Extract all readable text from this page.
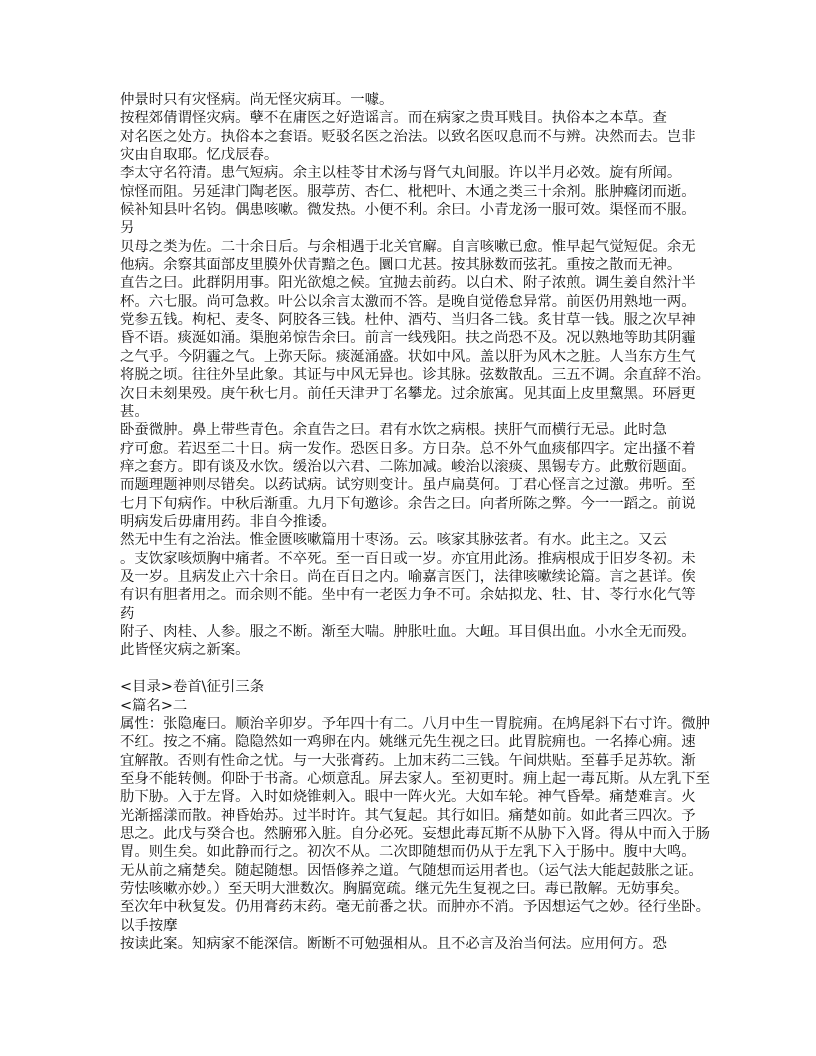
仲景时只有灾怪病。尚无怪灾病耳。一噱。
按程郊倩谓怪灾病。孽不在庸医之好造谣言。而在病家之贵耳贱目。执俗本之本草。查
对名医之处方。执俗本之套语。贬驳名医之治法。以致名医叹息而不与辨。决然而去。岂非
灾由自取耶。忆戊辰春。
李太守名符清。患气短病。余主以桂苓甘术汤与肾气丸间服。许以半月必效。旋有所闻。
惊怪而阻。另延津门陶老医。服葶苈、杏仁、枇杷叶、木通之类三十余剂。胀肿癃闭而逝。
候补知县叶名钧。偶患咳嗽。微发热。小便不利。余曰。小青龙汤一服可效。渠怪而不服。
另
贝母之类为佐。二十余日后。与余相遇于北关官廨。自言咳嗽已愈。惟早起气觉短促。余无
他病。余察其面部皮里膜外伏青黯之色。圜口尤甚。按其脉数而弦芤。重按之散而无神。
直告之曰。此群阴用事。阳光欲熄之候。宜抛去前药。以白术、附子浓煎。调生姜自然汁半
杯。六七服。尚可急救。叶公以余言太激而不答。是晚自觉倦怠异常。前医仍用熟地一两。
党参五钱。枸杞、麦冬、阿胶各三钱。杜仲、酒芍、当归各二钱。炙甘草一钱。服之次早神
昏不语。痰涎如涌。渠胞弟惊告余曰。前言一线残阳。扶之尚恐不及。况以熟地等助其阴霾
之气乎。今阴霾之气。上弥天际。痰涎涌盛。状如中风。盖以肝为风木之脏。人当东方生气
将脱之顷。往往外呈此象。其证与中风无异也。诊其脉。弦数散乱。三五不调。余直辞不治。
次日未刻果殁。庚午秋七月。前任天津尹丁名攀龙。过余旅寓。见其面上皮里黧黑。环唇更
甚。
卧蚕微肿。鼻上带些青色。余直告之曰。君有水饮之病根。挟肝气而横行无忌。此时急
疗可愈。若迟至二十日。病一发作。恐医日多。方日杂。总不外气血痰郁四字。定出搔不着
痒之套方。即有谈及水饮。缓治以六君、二陈加减。峻治以滚痰、黑锡专方。此敷衍题面。
而题理题神则尽错矣。以药试病。试穷则变计。虽卢扁莫何。丁君心怪言之过激。弗听。至
七月下旬病作。中秋后渐重。九月下旬邀诊。余告之曰。向者所陈之弊。今一一蹈之。前说
明病发后毋庸用药。非自今推诿。
然无中生有之治法。惟金匮咳嗽篇用十枣汤。云。咳家其脉弦者。有水。此主之。又云
。支饮家咳烦胸中痛者。不卒死。至一百日或一岁。亦宜用此汤。推病根成于旧岁冬初。未
及一岁。且病发止六十余日。尚在百日之内。喻嘉言医门，法律咳嗽续论篇。言之甚详。俟
有识有胆者用之。而余则不能。坐中有一老医力争不可。余姑拟龙、牡、甘、苓行水化气等
药
附子、肉桂、人参。服之不断。渐至大喘。肿胀吐血。大衄。耳目俱出血。小水全无而殁。
此皆怪灾病之新案。
<目录>卷首\征引三条
<篇名>二
属性：张隐庵曰。顺治辛卯岁。予年四十有二。八月中生一胃脘痈。在鸠尾斜下右寸许。微肿
不红。按之不痛。隐隐然如一鸡卵在内。姚继元先生视之曰。此胃脘痈也。一名捧心痈。速
宜解散。否则有性命之忧。与一大张膏药。上加末药二三钱。午间烘贴。至暮手足苏软。渐
至身不能转侧。仰卧于书斋。心烦意乱。屏去家人。至初更时。痈上起一毒瓦斯。从左乳下至
肋下胁。入于左肾。入时如烧锥刺入。眼中一阵火光。大如车轮。神气昏晕。痛楚难言。火
光渐摇漾而散。神昏始苏。过半时许。其气复起。其行如旧。痛楚如前。如此者三四次。予
思之。此戊与癸合也。然腑邪入脏。自分必死。妄想此毒瓦斯不从胁下入肾。得从中而入于肠
胃。则生矣。如此静而行之。初次不从。二次即随想而仍从于左乳下入于肠中。腹中大鸣。
无从前之痛楚矣。随起随想。因悟修养之道。气随想而运用者也。（运气法大能起鼓胀之证。
劳怯咳嗽亦妙。）至天明大泄数次。胸膈宽疏。继元先生复视之曰。毒已散解。无妨事矣。
至次年中秋复发。仍用膏药末药。毫无前番之状。而肿亦不消。予因想运气之妙。径行坐卧。
以手按摩
按读此案。知病家不能深信。断断不可勉强相从。且不必言及治当何法。应用何方。恐
